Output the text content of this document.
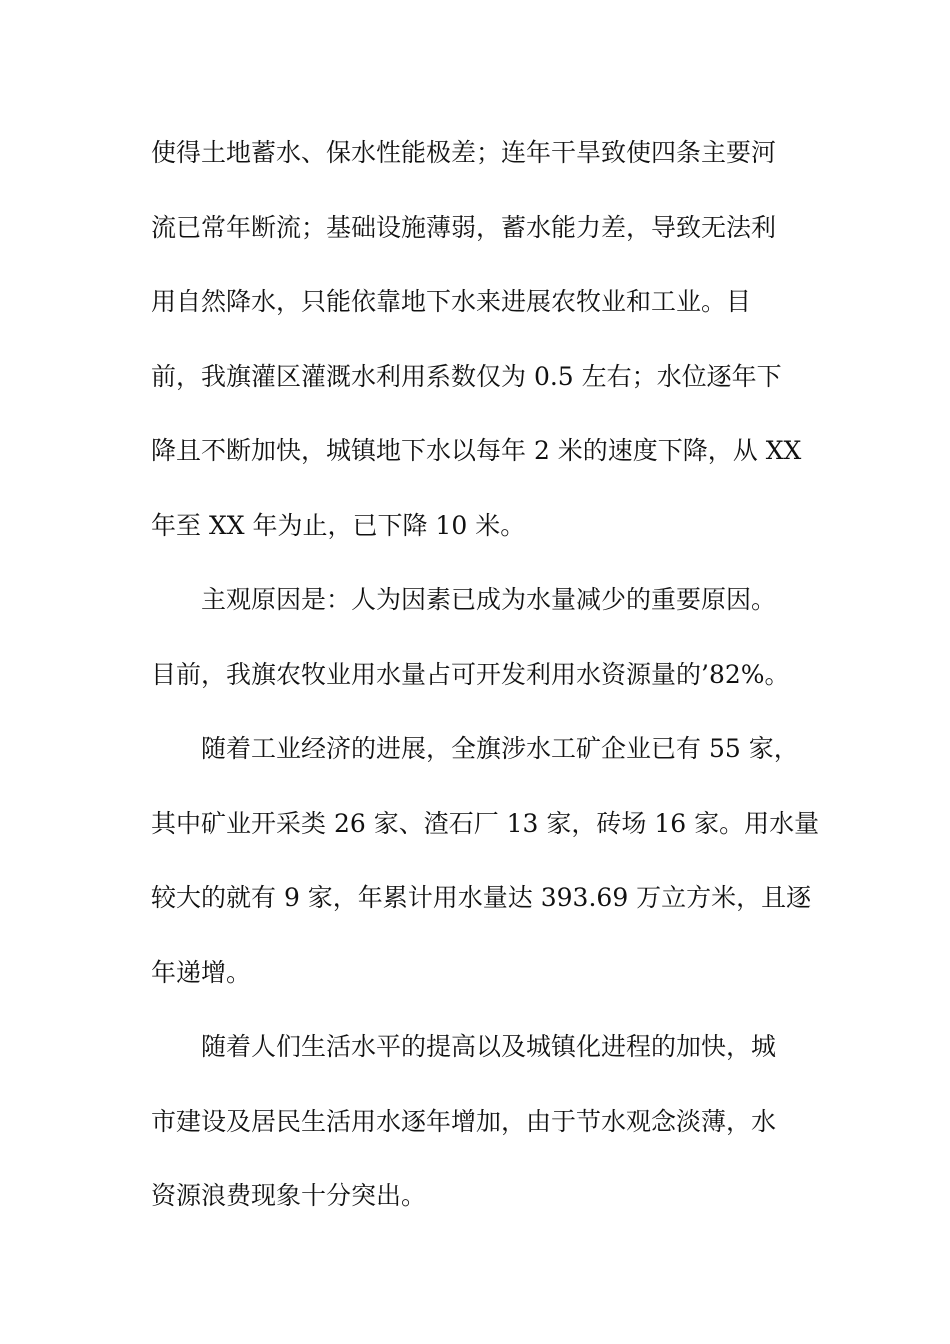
使得土地蓄水、保水性能极差；连年干旱致使四条主要河
流已常年断流；基础设施薄弱，蓄水能力差，导致无法利
用自然降水，只能依靠地下水来进展农牧业和工业。目
前，我旗灌区灌溉水利用系数仅为 0.5 左右；水位逐年下
降且不断加快，城镇地下水以每年 2 米的速度下降，从 XX
年至 XX 年为止，已下降 10 米。
主观原因是：人为因素已成为水量减少的重要原因。
目前，我旗农牧业用水量占可开发利用水资源量的’82%。
随着工业经济的进展，全旗涉水工矿企业已有 55 家，
其中矿业开采类 26 家、渣石厂 13 家，砖场 16 家。用水量
较大的就有 9 家，年累计用水量达 393.69 万立方米，且逐
年递增。
随着人们生活水平的提高以及城镇化进程的加快，城
市建设及居民生活用水逐年增加，由于节水观念淡薄，水
资源浪费现象十分突出。
